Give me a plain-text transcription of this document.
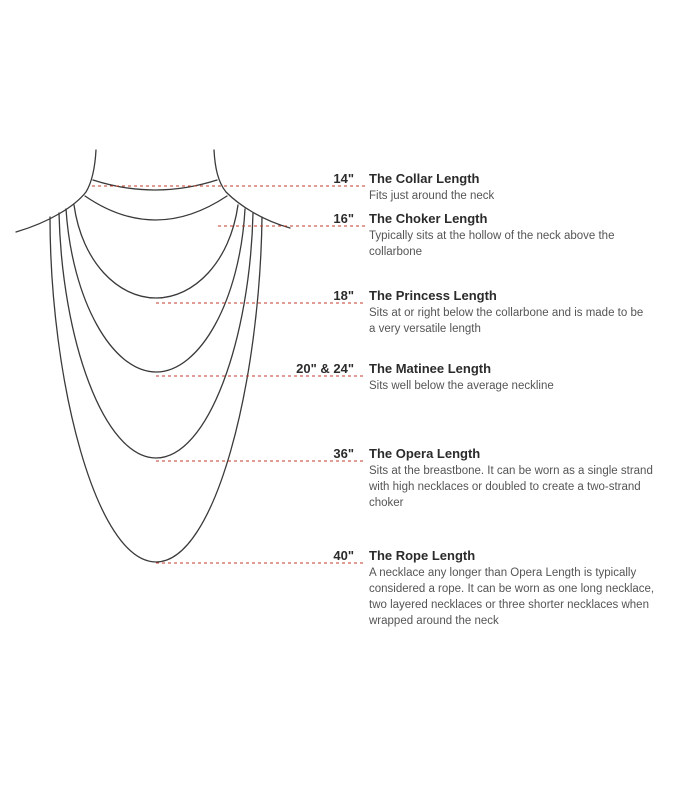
14" The Collar Length
Fits just around the neck
16" The Choker Length
Typically sits at the hollow of the neck above the collarbone
18" The Princess Length
Sits at or right below the collarbone and is made to be a very versatile length
20" & 24" The Matinee Length
Sits well below the average neckline
36" The Opera Length
Sits at the breastbone. It can be worn as a single strand with high necklaces or doubled to create a two-strand choker
40" The Rope Length
A necklace any longer than Opera Length is typically considered a rope. It can be worn as one long necklace, two layered necklaces or three shorter necklaces when wrapped around the neck
